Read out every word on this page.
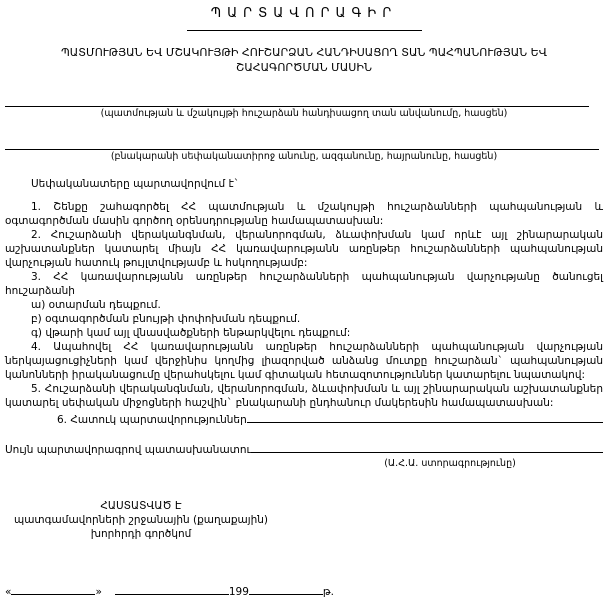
ՊԱՐՏԱՎՈՐԱԳԻՐ
ՊԱՏՄՈՒԹՅԱՆ ԵՎ ՄՇԱԿՈՒՅԹԻ ՀՈՒՇԱՐՁԱՆ ՀԱՆԴԻՍԱՑՈՂ ՏԱՆ ՊԱՀՊԱՆՈՒԹՅԱՆ ԵՎ ՇԱՀԱԳՈՐԾՄԱՆ ՄԱՍԻՆ
(պատմության և մշակույթի հուշարձան հանդիսացող տան անվանումը, հասցեն)
(բնակարանի սեփականատիրոջ անունը, ազգանունը, հայրանունը, հասցեն)

Սեփականատերը պարտավորվում է`

1. Շենքը շահագործել ՀՀ պատմության և մշակույթի հուշարձանների պահպանության և օգտագործման մասին գործող օրենսդրությանը համապատասխան:

2. Հուշարձանի վերականգնման, վերանորոգման, ձևափոխման կամ որևէ այլ շինարարական աշխատանքներ կատարել միայն ՀՀ կառավարությանն առընթեր հուշարձանների պահպանության վարչության հատուկ թույլտվությամբ և հսկողությամբ:

3. ՀՀ կառավարությանն առընթեր հուշարձանների պահպանության վարչությանը ծանուցել հուշարձանի

ա) օտարման դեպքում.

բ) օգտագործման բնույթի փոփոխման դեպքում.

գ) վթարի կամ այլ վնասվածքների ենթարկվելու դեպքում:

4. Ապահովել ՀՀ կառավարությանն առընթեր հուշարձանների պահպանության վարչության ներկայացուցիչների կամ վերջինիս կողմից լիազորված անձանց մուտքը հուշարձան` պահպանության կանոնների իրականացումը վերահսկելու կամ գիտական հետազոտություններ կատարելու նպատակով:

5. Հուշարձանի վերականգնման, վերանորոգման, ձևափոխման և այլ շինարարական աշխատանքներ կատարել սեփական միջոցների հաշվին` բնակարանի ընդհանուր մակերեսին համապատասխան:

6. Հատուկ պարտավորություններ
Սույն պարտավորագրով պատասխանատու
(Ա.Հ.Ա. ստորագրությունը)
ՀԱՍՏԱՏՎԱԾ Է
պատգամավորների շրջանային (քաղաքային)
խորհրդի գործկոմ
«	»	199	թ.
